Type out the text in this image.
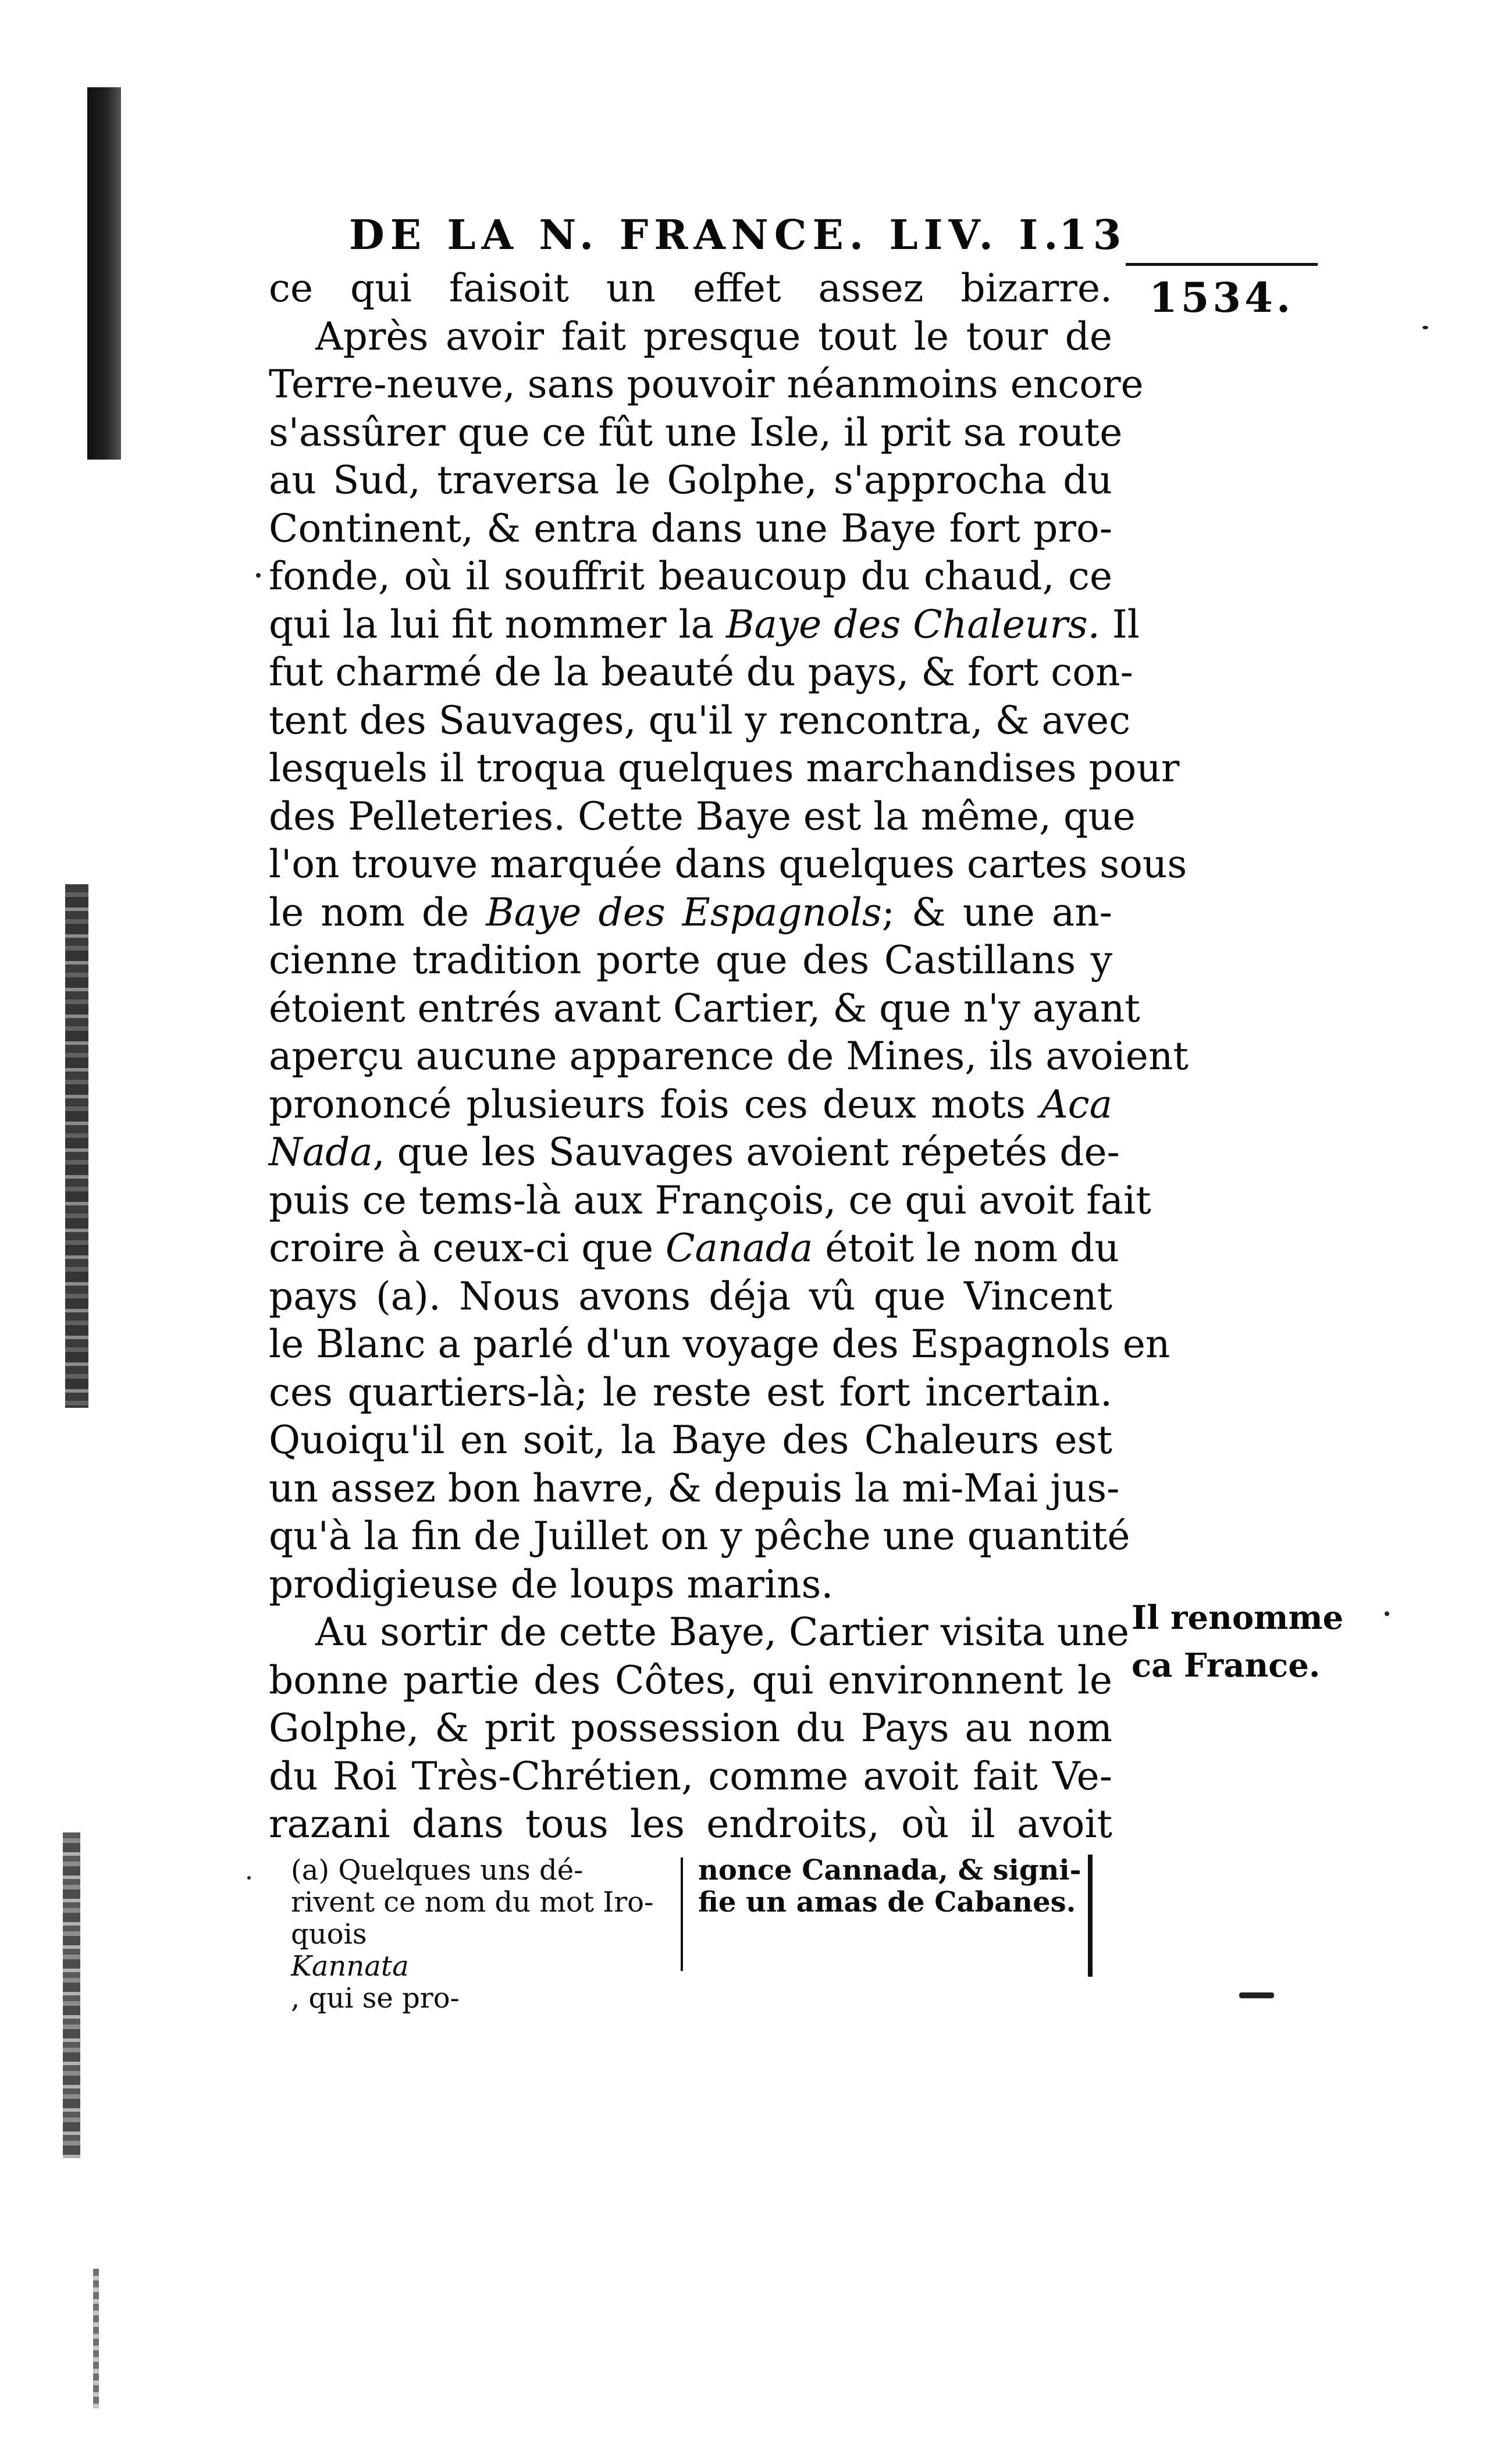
DE LA N. FRANCE. LIV. I.
13
1534.
ce qui faisoit un effet assez bizarre.
Après avoir fait presque tout le tour de
Terre-neuve, sans pouvoir néanmoins encore
s'assûrer que ce fût une Isle, il prit sa route
au Sud, traversa le Golphe, s'approcha du
Continent, & entra dans une Baye fort pro-
fonde, où il souffrit beaucoup du chaud, ce
qui la lui fit nommer la Baye des Chaleurs. Il
fut charmé de la beauté du pays, & fort con-
tent des Sauvages, qu'il y rencontra, & avec
lesquels il troqua quelques marchandises pour
des Pelleteries. Cette Baye est la même, que
l'on trouve marquée dans quelques cartes sous
le nom de Baye des Espagnols; & une an-
cienne tradition porte que des Castillans y
étoient entrés avant Cartier, & que n'y ayant
aperçu aucune apparence de Mines, ils avoient
prononcé plusieurs fois ces deux mots Aca
Nada, que les Sauvages avoient répetés de-
puis ce tems-là aux François, ce qui avoit fait
croire à ceux-ci que Canada étoit le nom du
pays (a). Nous avons déja vû que Vincent
le Blanc a parlé d'un voyage des Espagnols en
ces quartiers-là; le reste est fort incertain.
Quoiqu'il en soit, la Baye des Chaleurs est
un assez bon havre, & depuis la mi-Mai jus-
qu'à la fin de Juillet on y pêche une quantité
prodigieuse de loups marins.
Au sortir de cette Baye, Cartier visita une
bonne partie des Côtes, qui environnent le
Golphe, & prit possession du Pays au nom
du Roi Très-Chrétien, comme avoit fait Ve-
razani dans tous les endroits, où il avoit
Il renomme
ca France.
(a) Quelques uns dé-
rivent ce nom du mot Iro-
quois
Kannata
, qui se pro-
nonce Cannada, & signi-
fie un amas de Cabanes.
